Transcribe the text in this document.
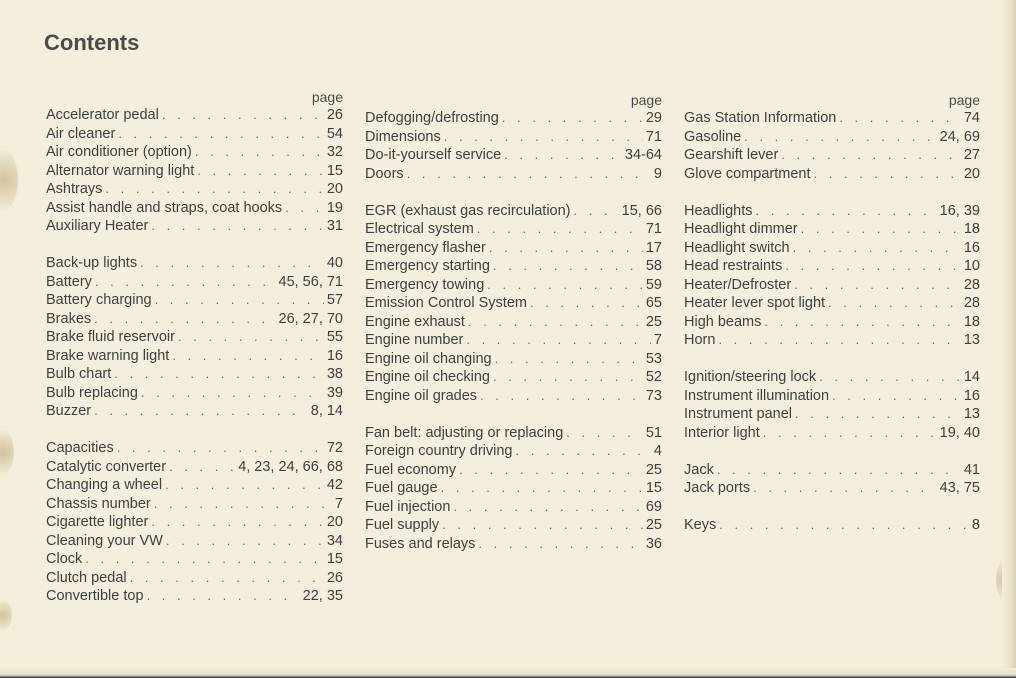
Contents
page
Accelerator pedal . . .	26
Air cleaner . . .	54
Air conditioner (option) . . .	32
Alternator warning light . . .	15
Ashtrays . . .	20
Assist handle and straps, coat hooks . . .	19
Auxiliary Heater . . .	31
Back-up lights . . .	40
Battery . . .	45, 56, 71
Battery charging . . .	57
Brakes . . .	26, 27, 70
Brake fluid reservoir . . .	55
Brake warning light . . .	16
Bulb chart . . .	38
Bulb replacing . . .	39
Buzzer . . .	8, 14
Capacities . . .	72
Catalytic converter . . .	4, 23, 24, 66, 68
Changing a wheel . . .	42
Chassis number . . .	7
Cigarette lighter . . .	20
Cleaning your VW . . .	34
Clock . . .	15
Clutch pedal . . .	26
Convertible top . . .	22, 35
page
Defogging/defrosting . . .	29
Dimensions . . .	71
Do-it-yourself service . . .	34-64
Doors . . .	9
EGR (exhaust gas recirculation) . . .	15, 66
Electrical system . . .	71
Emergency flasher . . .	17
Emergency starting . . .	58
Emergency towing . . .	59
Emission Control System . . .	65
Engine exhaust . . .	25
Engine number . . .	7
Engine oil changing . . .	53
Engine oil checking . . .	52
Engine oil grades . . .	73
Fan belt: adjusting or replacing . . .	51
Foreign country driving . . .	4
Fuel economy . . .	25
Fuel gauge . . .	15
Fuel injection . . .	69
Fuel supply . . .	25
Fuses and relays . . .	36
page
Gas Station Information . . .	74
Gasoline . . .	24, 69
Gearshift lever . . .	27
Glove compartment . . .	20
Headlights . . .	16, 39
Headlight dimmer . . .	18
Headlight switch . . .	16
Head restraints . . .	10
Heater/Defroster . . .	28
Heater lever spot light . . .	28
High beams . . .	18
Horn . . .	13
Ignition/steering lock . . .	14
Instrument illumination . . .	16
Instrument panel . . .	13
Interior light . . .	19, 40
Jack . . .	41
Jack ports . . .	43, 75
Keys . . .	8
